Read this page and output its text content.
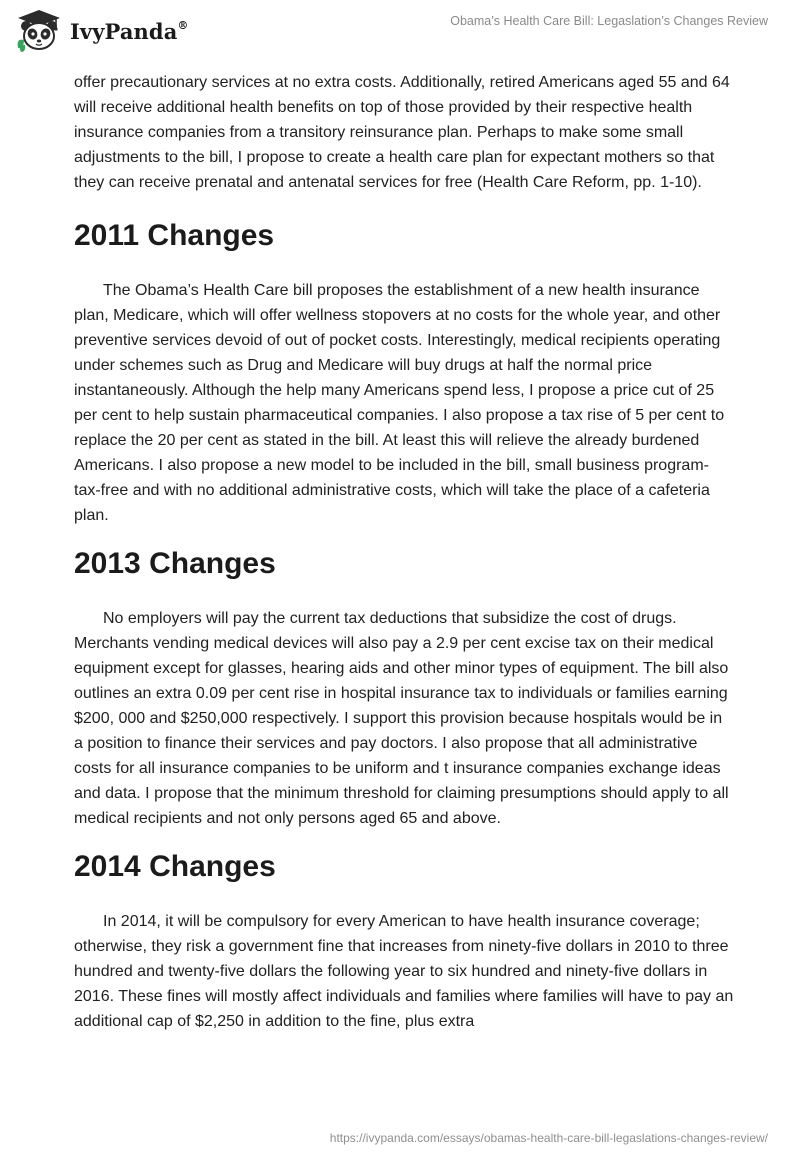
IvyPanda®	Obama’s Health Care Bill: Legaslation’s Changes Review

offer precautionary services at no extra costs. Additionally, retired Americans aged 55 and 64 will receive additional health benefits on top of those provided by their respective health insurance companies from a transitory reinsurance plan. Perhaps to make some small adjustments to the bill, I propose to create a health care plan for expectant mothers so that they can receive prenatal and antenatal services for free (Health Care Reform, pp. 1-10).

2011 Changes

The Obama’s Health Care bill proposes the establishment of a new health insurance plan, Medicare, which will offer wellness stopovers at no costs for the whole year, and other preventive services devoid of out of pocket costs. Interestingly, medical recipients operating under schemes such as Drug and Medicare will buy drugs at half the normal price instantaneously. Although the help many Americans spend less, I propose a price cut of 25 per cent to help sustain pharmaceutical companies. I also propose a tax rise of 5 per cent to replace the 20 per cent as stated in the bill. At least this will relieve the already burdened Americans. I also propose a new model to be included in the bill, small business program-tax-free and with no additional administrative costs, which will take the place of a cafeteria plan.

2013 Changes

No employers will pay the current tax deductions that subsidize the cost of drugs. Merchants vending medical devices will also pay a 2.9 per cent excise tax on their medical equipment except for glasses, hearing aids and other minor types of equipment. The bill also outlines an extra 0.09 per cent rise in hospital insurance tax to individuals or families earning $200, 000 and $250,000 respectively. I support this provision because hospitals would be in a position to finance their services and pay doctors. I also propose that all administrative costs for all insurance companies to be uniform and t insurance companies exchange ideas and data. I propose that the minimum threshold for claiming presumptions should apply to all medical recipients and not only persons aged 65 and above.

2014 Changes

In 2014, it will be compulsory for every American to have health insurance coverage; otherwise, they risk a government fine that increases from ninety-five dollars in 2010 to three hundred and twenty-five dollars the following year to six hundred and ninety-five dollars in 2016. These fines will mostly affect individuals and families where families will have to pay an additional cap of $2,250 in addition to the fine, plus extra

https://ivypanda.com/essays/obamas-health-care-bill-legaslations-changes-review/
